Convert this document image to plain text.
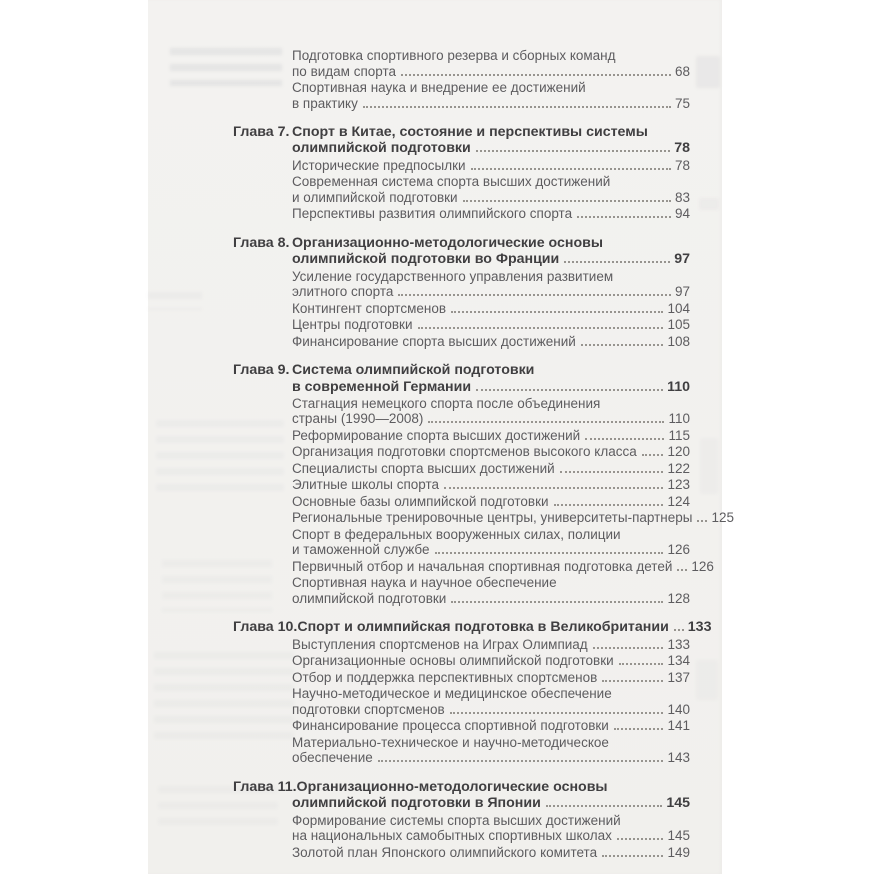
Подготовка спортивного резерва и сборных команд
по видам спорта	68
Спортивная наука и внедрение ее достижений
в практику	75
Глава 7. Спорт в Китае, состояние и перспективы системы
олимпийской подготовки	78
Исторические предпосылки	78
Современная система спорта высших достижений
и олимпийской подготовки	83
Перспективы развития олимпийского спорта	94
Глава 8. Организационно-методологические основы
олимпийской подготовки во Франции	97
Усиление государственного управления развитием
элитного спорта	97
Контингент спортсменов	104
Центры подготовки	105
Финансирование спорта высших достижений	108
Глава 9. Система олимпийской подготовки
в современной Германии	110
Стагнация немецкого спорта после объединения
страны (1990—2008)	110
Реформирование спорта высших достижений	115
Организация подготовки спортсменов высокого класса 120
Специалисты спорта высших достижений	122
Элитные школы спорта	123
Основные базы олимпийской подготовки	124
Региональные тренировочные центры, университеты-партнеры 125
Спорт в федеральных вооруженных силах, полиции
и таможенной службе	126
Первичный отбор и начальная спортивная подготовка детей 126
Спортивная наука и научное обеспечение
олимпийской подготовки	128
Глава 10. Спорт и олимпийская подготовка в Великобритании 133
Выступления спортсменов на Играх Олимпиад	133
Организационные основы олимпийской подготовки	134
Отбор и поддержка перспективных спортсменов	137
Научно-методическое и медицинское обеспечение
подготовки спортсменов	140
Финансирование процесса спортивной подготовки	141
Материально-техническое и научно-методическое
обеспечение	143
Глава 11. Организационно-методологические основы
олимпийской подготовки в Японии	145
Формирование системы спорта высших достижений
на национальных самобытных спортивных школах	145
Золотой план Японского олимпийского комитета	149
